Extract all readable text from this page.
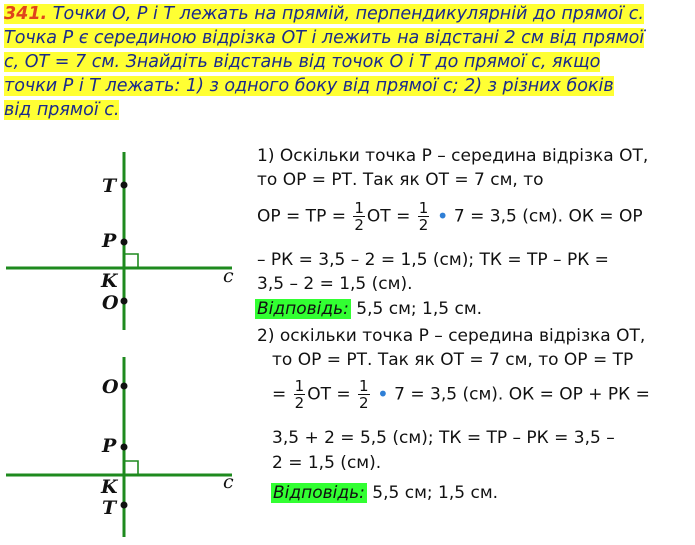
341. Точки О, Р і Т лежать на прямій, перпендикулярній до прямої с.
Точка Р є серединою відрізка ОТ і лежить на відстані 2 см від прямої
с, ОТ = 7 см. Знайдіть відстань від точок О і Т до прямої с, якщо
точки Р і Т лежать: 1) з одного боку від прямої с; 2) з різних боків
від прямої с.
T
P
K
O
c
O
P
K
T
c
1) Оскільки точка Р – середина відрізка ОТ,
то ОР = РТ. Так як ОТ = 7 см, то
ОР = ТР = $\frac{1}{2}$ ОТ = $\frac{1}{2}$ • 7 = 3,5 (см). ОК = ОР
– РК = 3,5 – 2 = 1,5 (см); ТК = ТР – РК =
3,5 – 2 = 1,5 (см).
Відповідь: 5,5 см; 1,5 см.
2) оскільки точка Р – середина відрізка ОТ,
то ОР = РТ. Так як ОТ = 7 см, то ОР = ТР
= $\frac{1}{2}$ ОТ = $\frac{1}{2}$ • 7 = 3,5 (см). ОК = ОР + РК =
3,5 + 2 = 5,5 (см); ТК = ТР – РК = 3,5 –
2 = 1,5 (см).
Відповідь: 5,5 см; 1,5 см.
